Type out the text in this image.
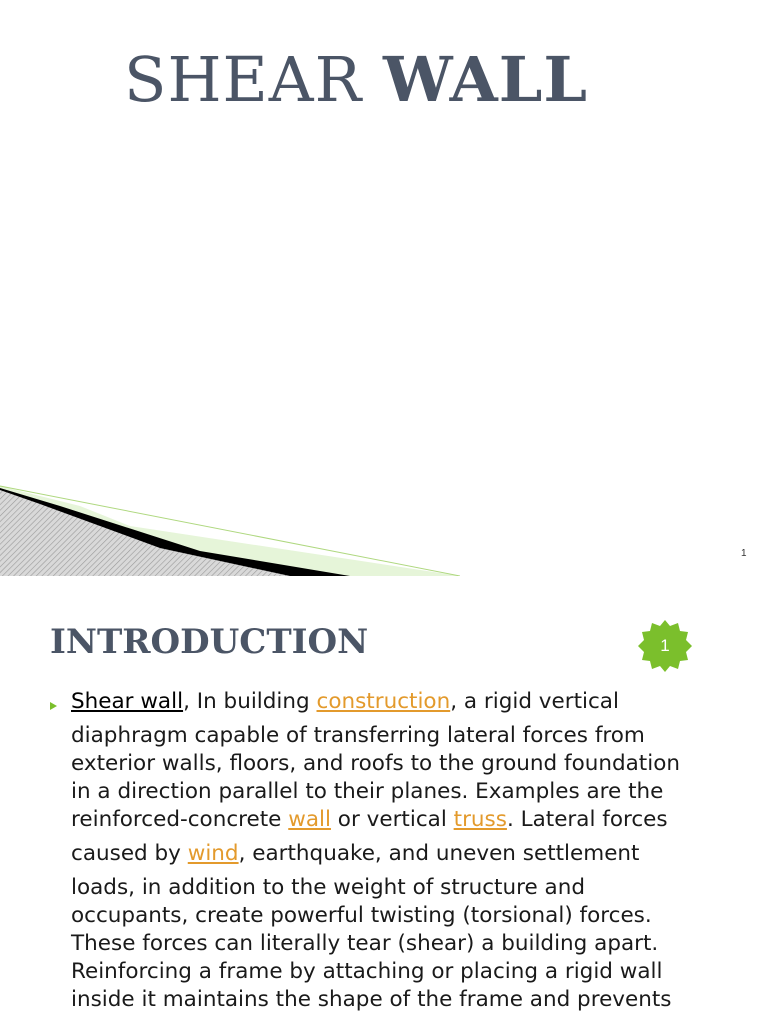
SHEAR WALL
1
INTRODUCTION	1

Shear wall, In building construction, a rigid vertical
diaphragm capable of transferring lateral forces from
exterior walls, floors, and roofs to the ground foundation
in a direction parallel to their planes. Examples are the
reinforced-concrete wall or vertical truss. Lateral forces
caused by wind, earthquake, and uneven settlement
loads, in addition to the weight of structure and
occupants, create powerful twisting (torsional) forces.
These forces can literally tear (shear) a building apart.
Reinforcing a frame by attaching or placing a rigid wall
inside it maintains the shape of the frame and prevents
